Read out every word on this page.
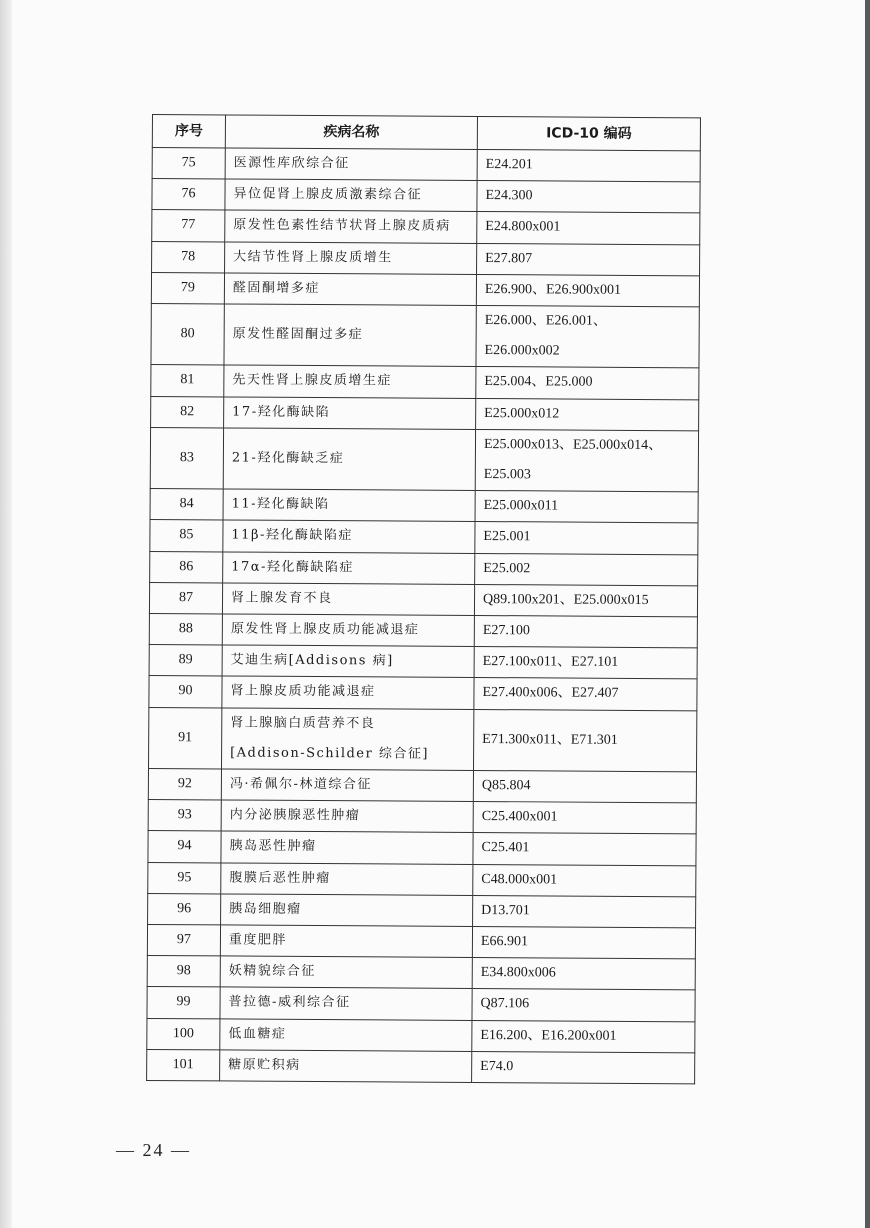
序号	疾病名称	ICD-10 编码
75	医源性库欣综合征	E24.201

76	异位促肾上腺皮质激素综合征	E24.300

77	原发性色素性结节状肾上腺皮质病	E24.800x001

78	大结节性肾上腺皮质增生	E27.807

79	醛固酮增多症	E26.900、E26.900x001

80	原发性醛固酮过多症	E26.000、E26.001、
E26.000x002

81	先天性肾上腺皮质增生症	E25.004、E25.000

82	17-羟化酶缺陷	E25.000x012

83	21-羟化酶缺乏症	E25.000x013、E25.000x014、
E25.003

84	11-羟化酶缺陷	E25.000x011

85	11β-羟化酶缺陷症	E25.001

86	17α-羟化酶缺陷症	E25.002

87	肾上腺发育不良	Q89.100x201、E25.000x015

88	原发性肾上腺皮质功能减退症	E27.100

89	艾迪生病[Addisons 病]	E27.100x011、E27.101

90	肾上腺皮质功能减退症	E27.400x006、E27.407

91	肾上腺脑白质营养不良
[Addison-Schilder 综合征]	E71.300x011、E71.301

92	冯·希佩尔-林道综合征	Q85.804

93	内分泌胰腺恶性肿瘤	C25.400x001

94	胰岛恶性肿瘤	C25.401

95	腹膜后恶性肿瘤	C48.000x001

96	胰岛细胞瘤	D13.701

97	重度肥胖	E66.901

98	妖精貌综合征	E34.800x006

99	普拉德-威利综合征	Q87.106

100	低血糖症	E16.200、E16.200x001

101	糖原贮积病	E74.0
— 24 —
